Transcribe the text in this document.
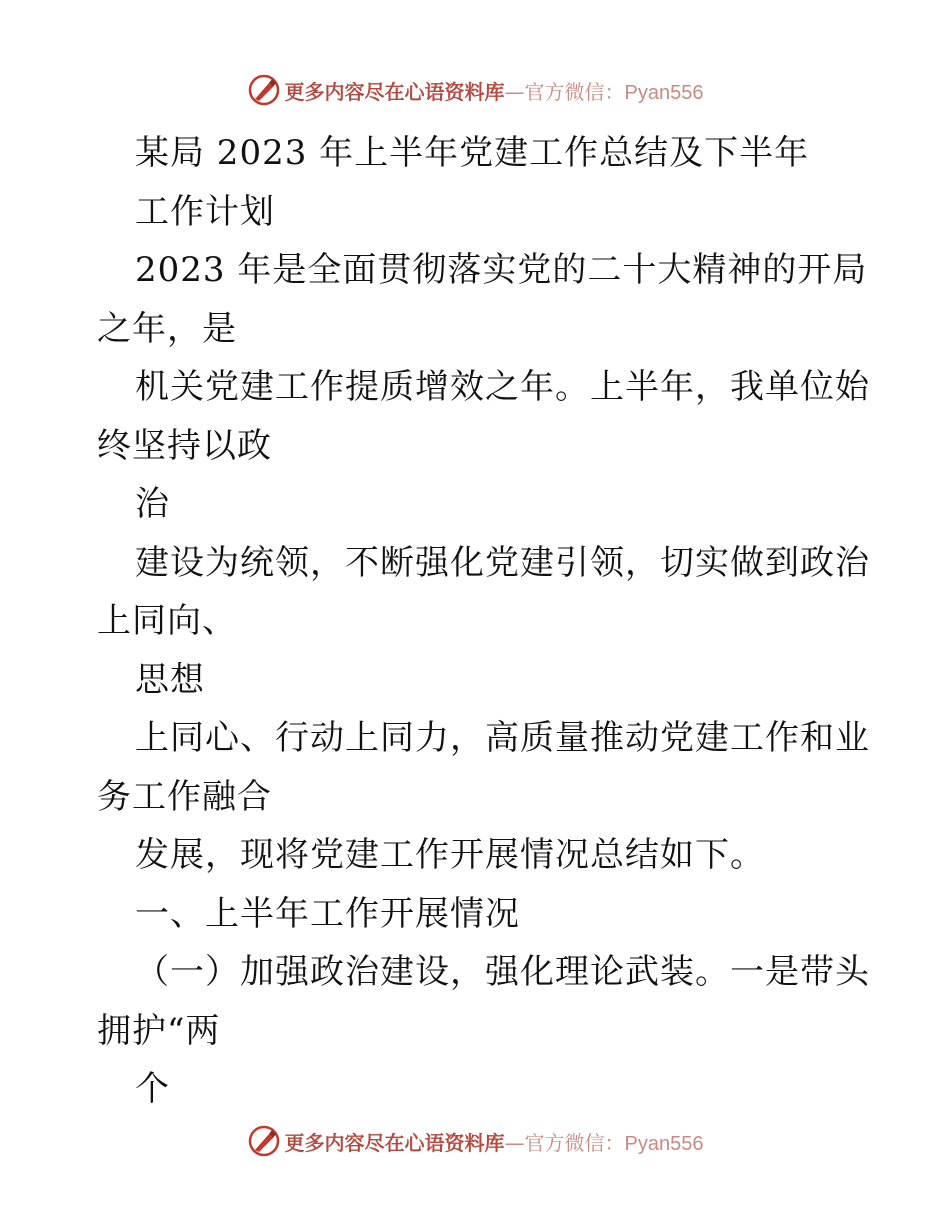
更多内容尽在心语资料库—官方微信：Pyan556
某局 2023 年上半年党建工作总结及下半年
工作计划
2023 年是全面贯彻落实党的二十大精神的开局
之年，是
机关党建工作提质增效之年。上半年，我单位始
终坚持以政
治
建设为统领，不断强化党建引领，切实做到政治
上同向、
思想
上同心、行动上同力，高质量推动党建工作和业
务工作融合
发展，现将党建工作开展情况总结如下。
一、上半年工作开展情况
（一）加强政治建设，强化理论武装。一是带头
拥护“两
个
更多内容尽在心语资料库—官方微信：Pyan556
